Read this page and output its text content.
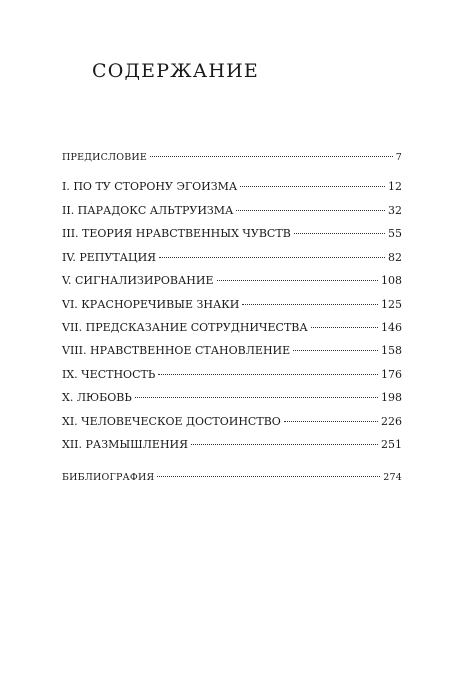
СОДЕРЖАНИЕ
ПРЕДИСЛОВИЕ	7
I. ПО ТУ СТОРОНУ ЭГОИЗМА	12
II. ПАРАДОКС АЛЬТРУИЗМА	32
III. ТЕОРИЯ НРАВСТВЕННЫХ ЧУВСТВ	55
IV. РЕПУТАЦИЯ	82
V. СИГНАЛИЗИРОВАНИЕ	108
VI. КРАСНОРЕЧИВЫЕ ЗНАКИ	125
VII. ПРЕДСКАЗАНИЕ СОТРУДНИЧЕСТВА	146
VIII. НРАВСТВЕННОЕ СТАНОВЛЕНИЕ	158
IX. ЧЕСТНОСТЬ	176
X. ЛЮБОВЬ	198
XI. ЧЕЛОВЕЧЕСКОЕ ДОСТОИНСТВО	226
XII. РАЗМЫШЛЕНИЯ	251
БИБЛИОГРАФИЯ	274
